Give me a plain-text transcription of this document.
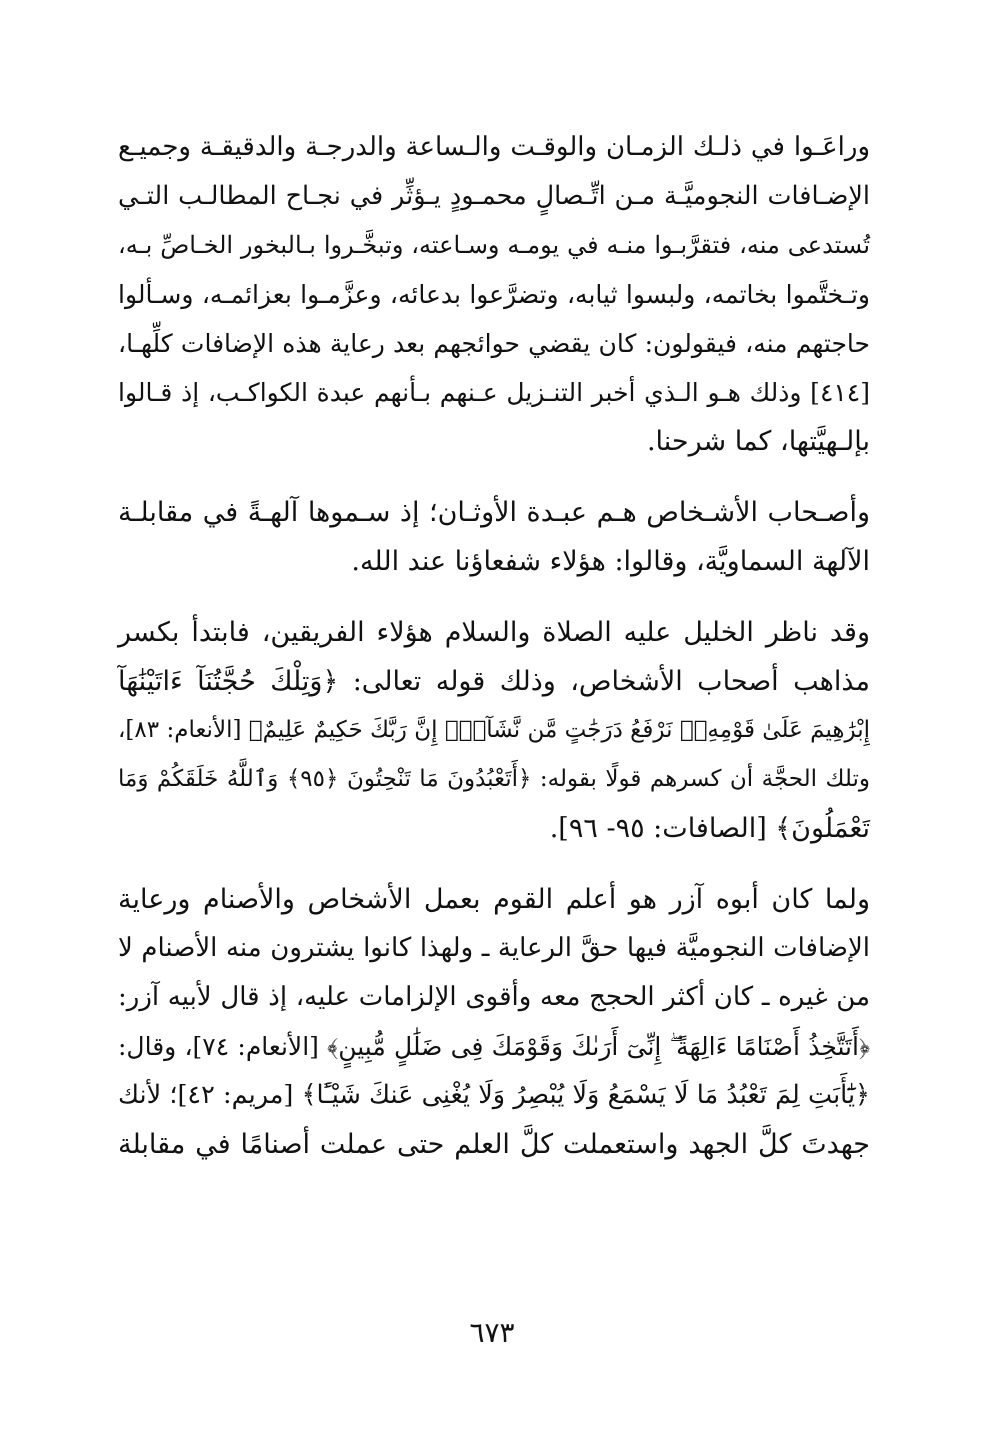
وراعَـوا في ذلـك الزمـان والوقـت والـساعة والدرجـة والدقيقـة وجميـع
الإضـافات النجوميَّـة مـن اتِّـصالٍ محمـودٍ يـؤثِّر في نجـاح المطالـب التـي
تُستدعى منه، فتقرَّبـوا منـه في يومـه وسـاعته، وتبخَّـروا بـالبخور الخـاصِّ بـه،
وتـختَّموا بخاتمه، ولبسوا ثيابه، وتضرَّعوا بدعائه، وعزَّمـوا بعزائمـه، وسـألوا
حاجتهم منه، فيقولون: كان يقضي حوائجهم بعد رعاية هذه الإضافات كلِّهـا،
[٤١٤] وذلك هـو الـذي أخبر التنـزيل عـنهم بـأنهم عبدة الكواكـب، إذ قـالوا
بإلـهيَّتها، كما شرحنا.

وأصـحاب الأشـخاص هـم عبـدة الأوثـان؛ إذ سـموها آلهـةً في مقابلـة
الآلهة السماويَّة، وقالوا: هؤلاء شفعاؤنا عند الله.

وقد ناظر الخليل عليه الصلاة والسلام هؤلاء الفريقين، فابتدأ بكسر
مذاهب أصحاب الأشخاص، وذلك قوله تعالى: ﴿وَتِلْكَ حُجَّتُنَآ ءَاتَيْنَٰهَآ
إِبْرَٰهِيمَ عَلَىٰ قَوْمِهِۦۚ نَرْفَعُ دَرَجَٰتٍ مَّن نَّشَآءُۗ إِنَّ رَبَّكَ حَكِيمٌ عَلِيمٌ﴾ [الأنعام: ٨٣]،
وتلك الحجَّة أن كسرهم قولًا بقوله: ﴿أَتَعْبُدُونَ مَا تَنْحِتُونَ ﴿٩٥﴾ وَٱللَّهُ خَلَقَكُمْ وَمَا
تَعْمَلُونَ﴾ [الصافات: ٩٥- ٩٦].

ولما كان أبوه آزر هو أعلم القوم بعمل الأشخاص والأصنام ورعاية
الإضافات النجوميَّة فيها حقَّ الرعاية ـ ولهذا كانوا يشترون منه الأصنام لا
من غيره ـ كان أكثر الحجج معه وأقوى الإلزامات عليه، إذ قال لأبيه آزر:
﴿أَتَتَّخِذُ أَصْنَامًا ءَالِهَةً ۖ إِنِّىٓ أَرَىٰكَ وَقَوْمَكَ فِى ضَلَٰلٍ مُّبِينٍ﴾ [الأنعام: ٧٤]، وقال:
﴿يَٰٓأَبَتِ لِمَ تَعْبُدُ مَا لَا يَسْمَعُ وَلَا يُبْصِرُ وَلَا يُغْنِى عَنكَ شَيْـًٔا﴾ [مريم: ٤٢]؛ لأنك
جهدتَ كلَّ الجهد واستعملت كلَّ العلم حتى عملت أصنامًا في مقابلة

٦٧٣
